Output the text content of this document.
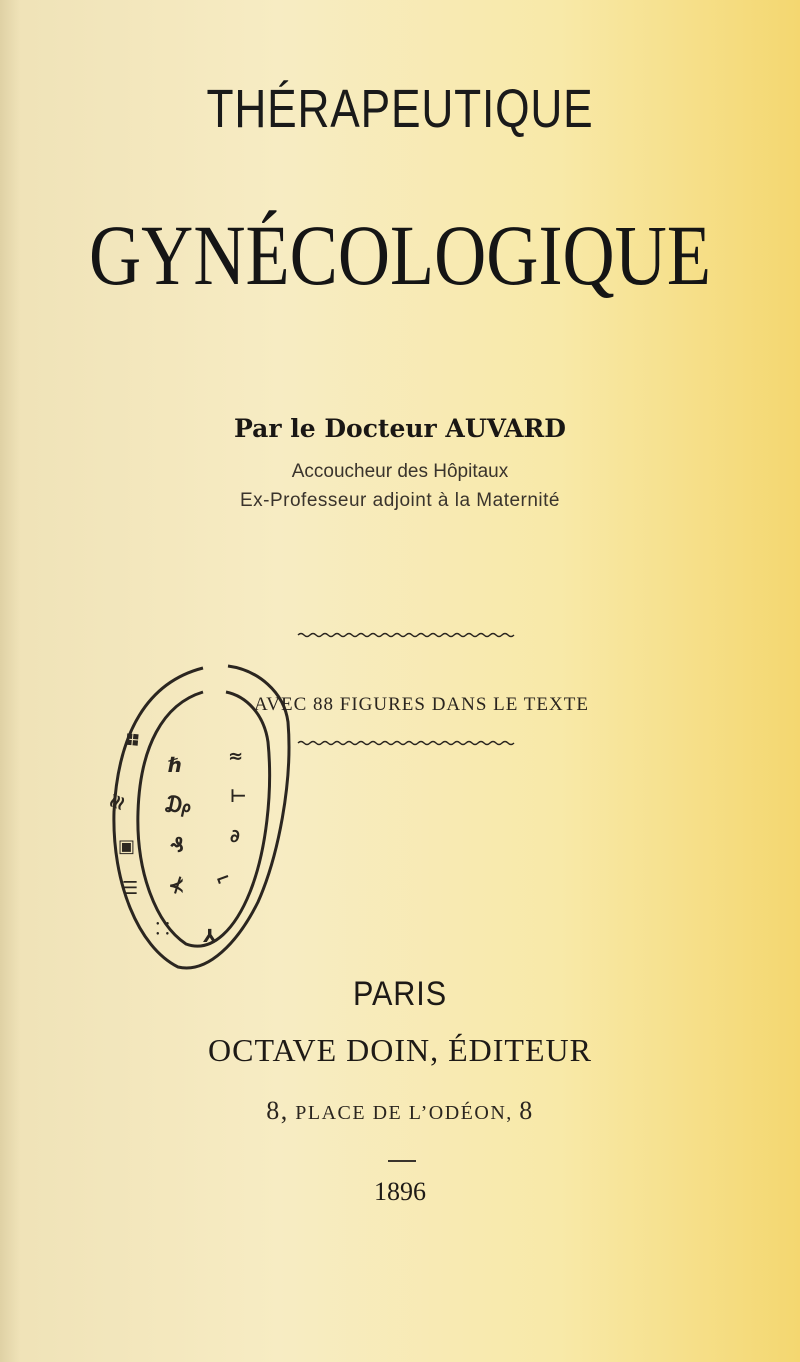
THÉRAPEUTIQUE
GYNÉCOLOGIQUE
Par le Docteur AUVARD
Accoucheur des Hôpitaux
Ex-Professeur adjoint à la Maternité
❖
≋
▣
☰
ℏ
₯
₰
⊀
≈
⊢
∂
⌐
⅄
⸬
AVEC 88 FIGURES DANS LE TEXTE
PARIS
OCTAVE DOIN, ÉDITEUR
8, PLACE DE L’ODÉON, 8
1896
